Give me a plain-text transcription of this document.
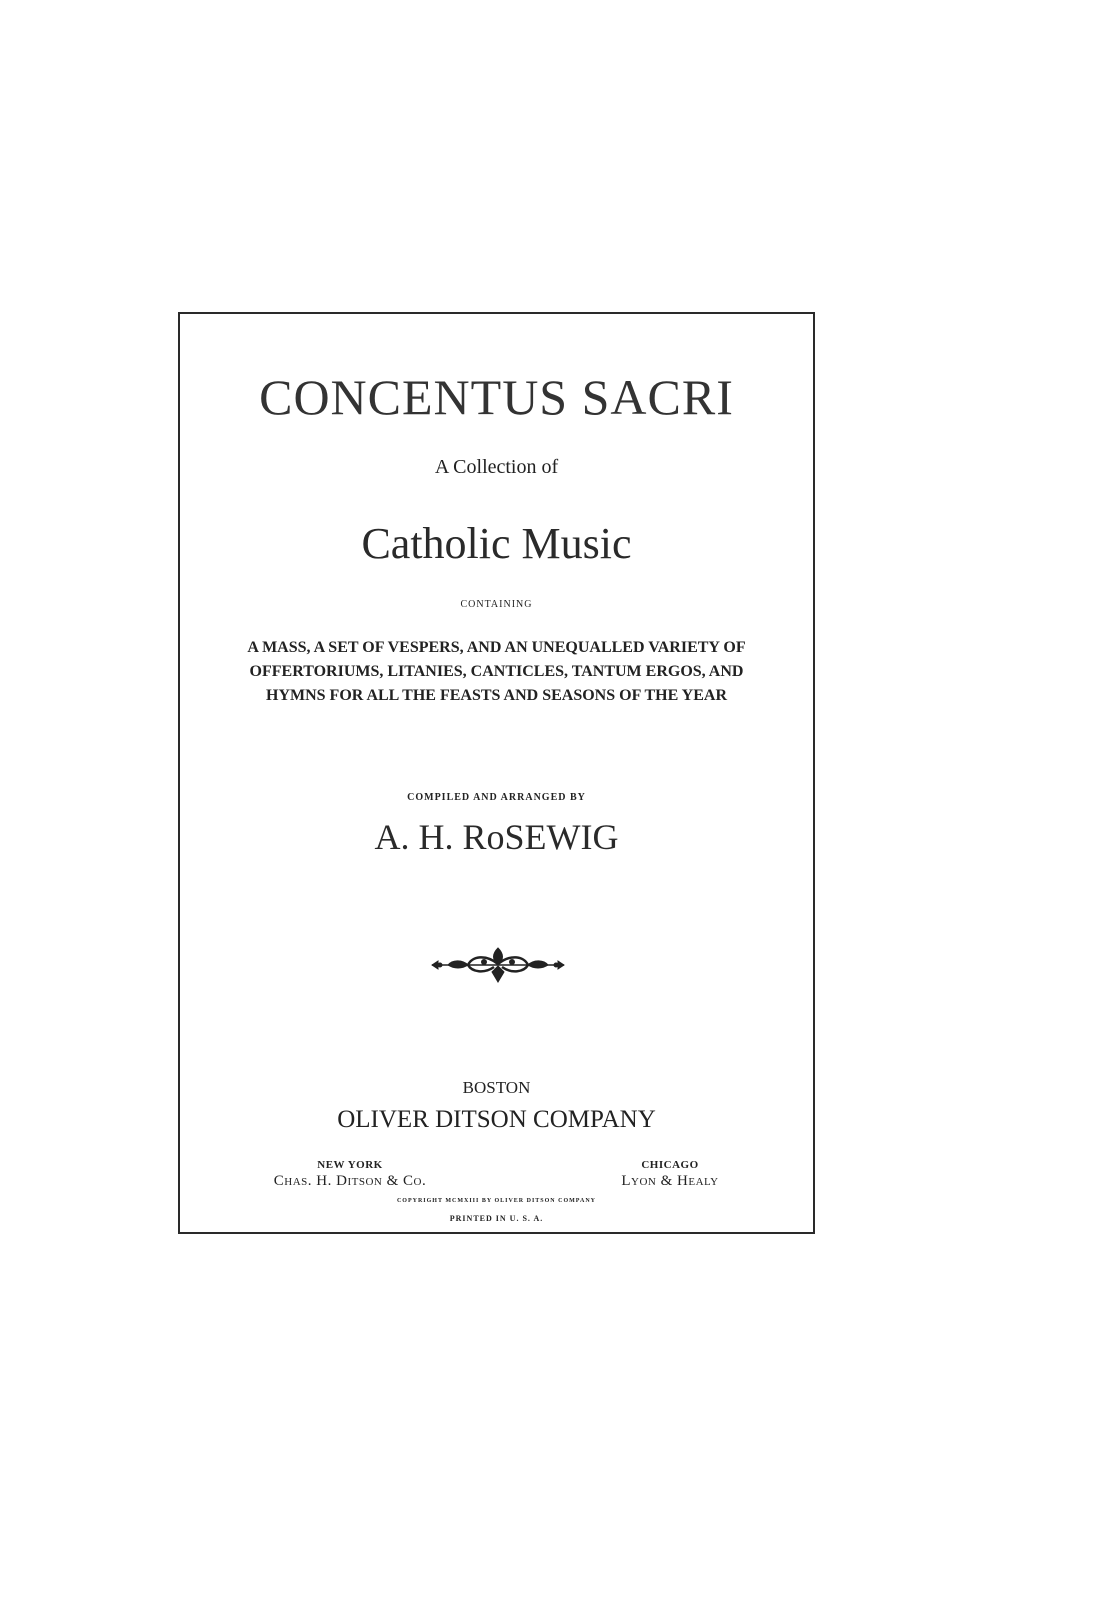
CONCENTUS SACRI
A Collection of
Catholic Music
CONTAINING
A MASS, A SET OF VESPERS, AND AN UNEQUALLED VARIETY OF OFFERTORIUMS, LITANIES, CANTICLES, TANTUM ERGOS, AND HYMNS FOR ALL THE FEASTS AND SEASONS OF THE YEAR
COMPILED AND ARRANGED BY
A. H. RoSEWIG
BOSTON
OLIVER DITSON COMPANY
NEW YORK
Chas. H. Ditson & Co.
CHICAGO
Lyon & Healy
COPYRIGHT MCMXIII BY OLIVER DITSON COMPANY
PRINTED IN U. S. A.
